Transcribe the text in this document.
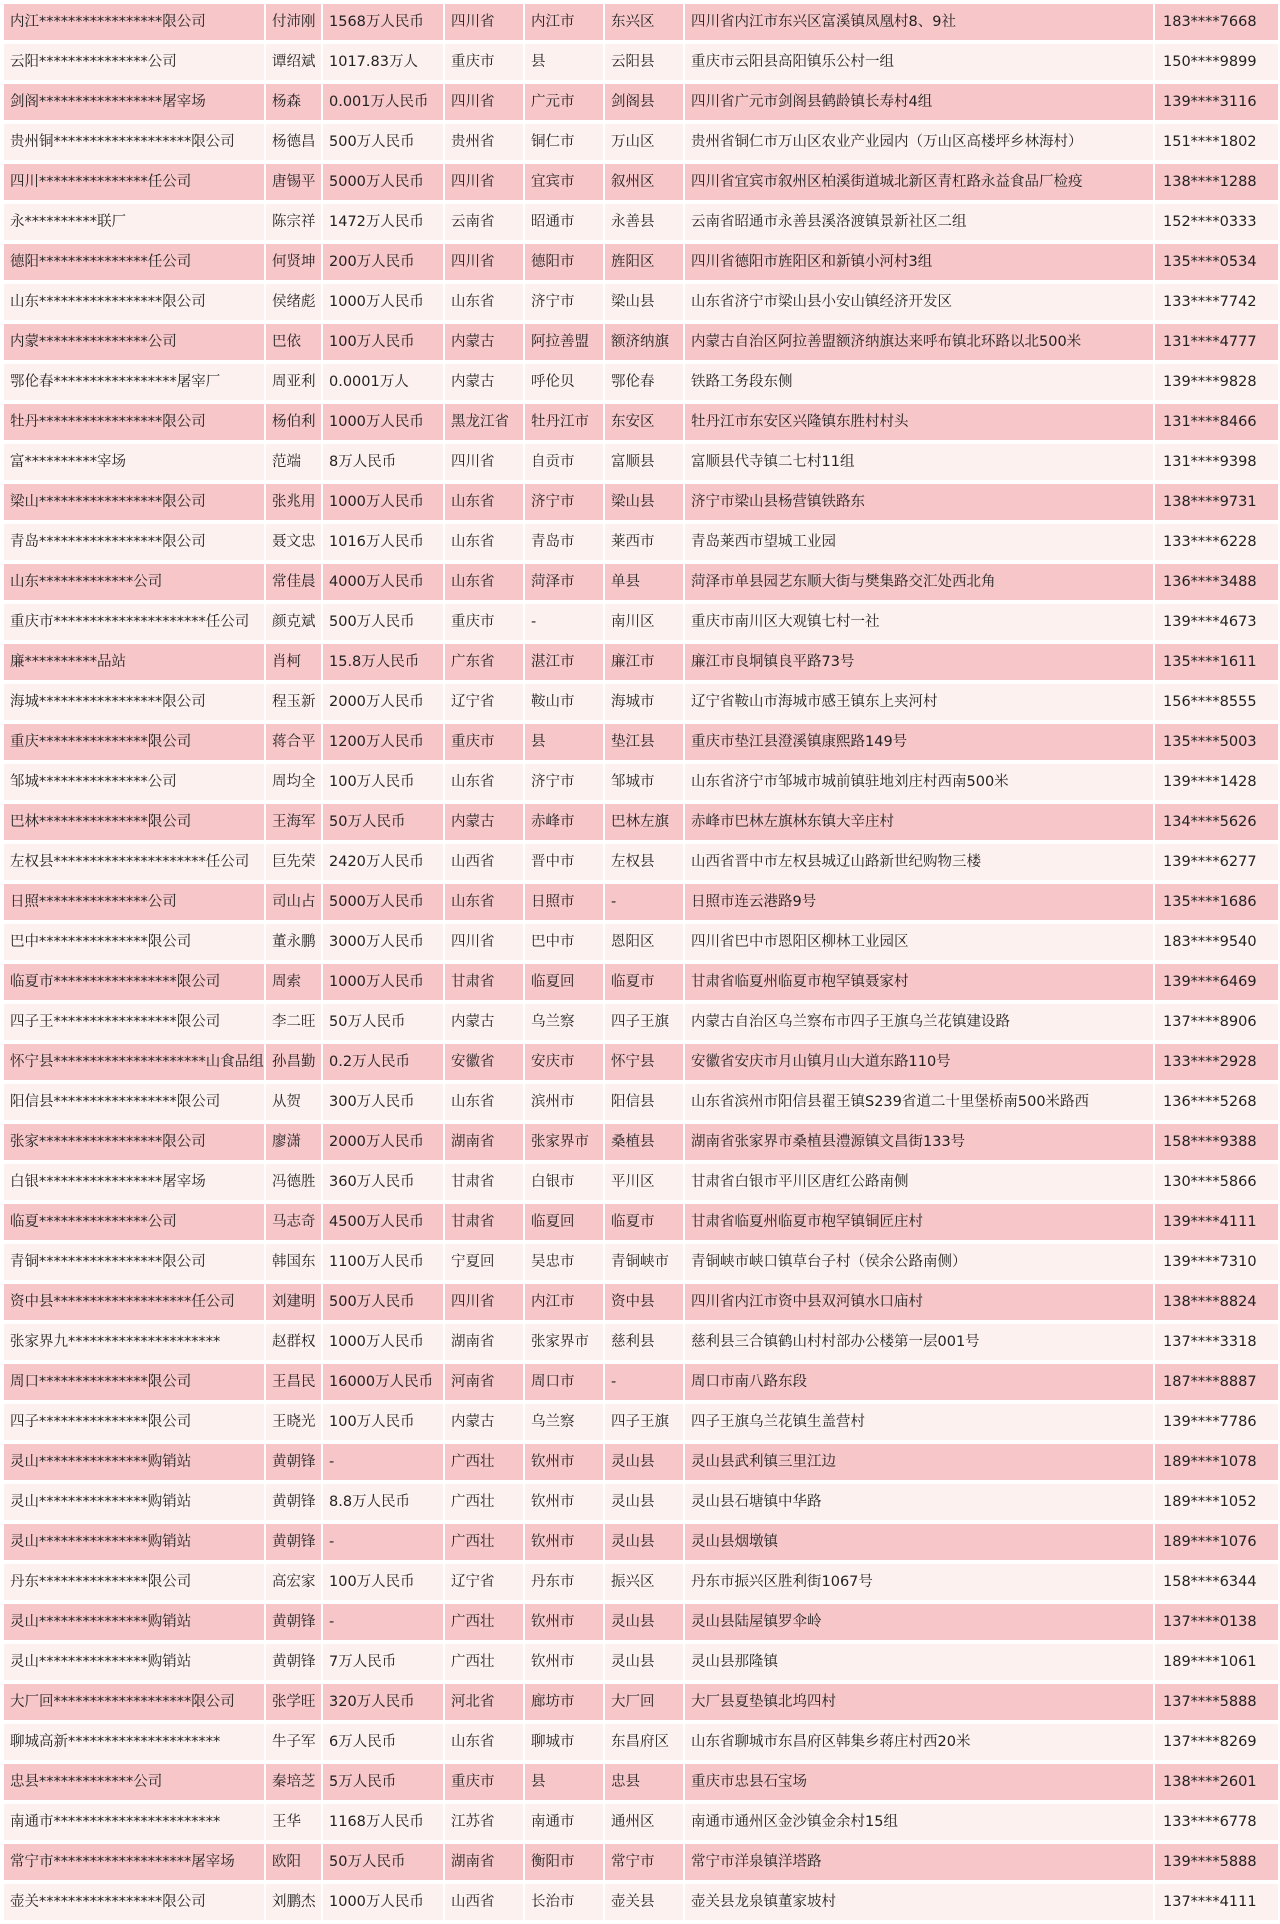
内江*****************限公司	付沛刚	1568万人民币	四川省	内江市	东兴区	四川省内江市东兴区富溪镇凤凰村8、9社	183****7668
云阳***************公司	谭绍斌	1017.83万人	重庆市	县	云阳县	重庆市云阳县高阳镇乐公村一组	150****9899
剑阁*****************屠宰场	杨森	0.001万人民币	四川省	广元市	剑阁县	四川省广元市剑阁县鹤龄镇长寿村4组	139****3116
贵州铜*******************限公司	杨德昌	500万人民币	贵州省	铜仁市	万山区	贵州省铜仁市万山区农业产业园内（万山区高楼坪乡林海村）	151****1802
四川***************任公司	唐锡平	5000万人民币	四川省	宜宾市	叙州区	四川省宜宾市叙州区柏溪街道城北新区青杠路永益食品厂检疫	138****1288
永**********联厂	陈宗祥	1472万人民币	云南省	昭通市	永善县	云南省昭通市永善县溪洛渡镇景新社区二组	152****0333
德阳***************任公司	何贤坤	200万人民币	四川省	德阳市	旌阳区	四川省德阳市旌阳区和新镇小河村3组	135****0534
山东*****************限公司	侯绪彪	1000万人民币	山东省	济宁市	梁山县	山东省济宁市梁山县小安山镇经济开发区	133****7742
内蒙***************公司	巴依	100万人民币	内蒙古	阿拉善盟	额济纳旗	内蒙古自治区阿拉善盟额济纳旗达来呼布镇北环路以北500米	131****4777
鄂伦春*****************屠宰厂	周亚利	0.0001万人	内蒙古	呼伦贝	鄂伦春	铁路工务段东侧	139****9828
牡丹*****************限公司	杨伯利	1000万人民币	黑龙江省	牡丹江市	东安区	牡丹江市东安区兴隆镇东胜村村头	131****8466
富**********宰场	范端	8万人民币	四川省	自贡市	富顺县	富顺县代寺镇二七村11组	131****9398
梁山*****************限公司	张兆用	1000万人民币	山东省	济宁市	梁山县	济宁市梁山县杨营镇铁路东	138****9731
青岛*****************限公司	聂文忠	1016万人民币	山东省	青岛市	莱西市	青岛莱西市望城工业园	133****6228
山东*************公司	常佳晨	4000万人民币	山东省	菏泽市	单县	菏泽市单县园艺东顺大街与樊集路交汇处西北角	136****3488
重庆市*********************任公司	颜克斌	500万人民币	重庆市	-	南川区	重庆市南川区大观镇七村一社	139****4673
廉**********品站	肖柯	15.8万人民币	广东省	湛江市	廉江市	廉江市良垌镇良平路73号	135****1611
海城*****************限公司	程玉新	2000万人民币	辽宁省	鞍山市	海城市	辽宁省鞍山市海城市感王镇东上夹河村	156****8555
重庆***************限公司	蒋合平	1200万人民币	重庆市	县	垫江县	重庆市垫江县澄溪镇康熙路149号	135****5003
邹城***************公司	周均全	100万人民币	山东省	济宁市	邹城市	山东省济宁市邹城市城前镇驻地刘庄村西南500米	139****1428
巴林***************限公司	王海军	50万人民币	内蒙古	赤峰市	巴林左旗	赤峰市巴林左旗林东镇大辛庄村	134****5626
左权县*********************任公司	巨先荣	2420万人民币	山西省	晋中市	左权县	山西省晋中市左权县城辽山路新世纪购物三楼	139****6277
日照***************公司	司山占	5000万人民币	山东省	日照市	-	日照市连云港路9号	135****1686
巴中***************限公司	董永鹏	3000万人民币	四川省	巴中市	恩阳区	四川省巴中市恩阳区柳林工业园区	183****9540
临夏市*****************限公司	周索	1000万人民币	甘肃省	临夏回	临夏市	甘肃省临夏州临夏市枹罕镇聂家村	139****6469
四子王*****************限公司	李二旺	50万人民币	内蒙古	乌兰察	四子王旗	内蒙古自治区乌兰察布市四子王旗乌兰花镇建设路	137****8906
怀宁县*********************山食品组	孙昌勤	0.2万人民币	安徽省	安庆市	怀宁县	安徽省安庆市月山镇月山大道东路110号	133****2928
阳信县*****************限公司	从贺	300万人民币	山东省	滨州市	阳信县	山东省滨州市阳信县翟王镇S239省道二十里堡桥南500米路西	136****5268
张家*****************限公司	廖潇	2000万人民币	湖南省	张家界市	桑植县	湖南省张家界市桑植县澧源镇文昌街133号	158****9388
白银*****************屠宰场	冯德胜	360万人民币	甘肃省	白银市	平川区	甘肃省白银市平川区唐红公路南侧	130****5866
临夏***************公司	马志奇	4500万人民币	甘肃省	临夏回	临夏市	甘肃省临夏州临夏市枹罕镇铜匠庄村	139****4111
青铜*****************限公司	韩国东	1100万人民币	宁夏回	吴忠市	青铜峡市	青铜峡市峡口镇草台子村（侯余公路南侧）	139****7310
资中县*******************任公司	刘建明	500万人民币	四川省	内江市	资中县	四川省内江市资中县双河镇水口庙村	138****8824
张家界九*********************	赵群权	1000万人民币	湖南省	张家界市	慈利县	慈利县三合镇鹤山村村部办公楼第一层001号	137****3318
周口***************限公司	王昌民	16000万人民币	河南省	周口市	-	周口市南八路东段	187****8887
四子***************限公司	王晓光	100万人民币	内蒙古	乌兰察	四子王旗	四子王旗乌兰花镇生盖营村	139****7786
灵山***************购销站	黄朝锋	-	广西壮	钦州市	灵山县	灵山县武利镇三里江边	189****1078
灵山***************购销站	黄朝锋	8.8万人民币	广西壮	钦州市	灵山县	灵山县石塘镇中华路	189****1052
灵山***************购销站	黄朝锋	-	广西壮	钦州市	灵山县	灵山县烟墩镇	189****1076
丹东***************限公司	高宏家	100万人民币	辽宁省	丹东市	振兴区	丹东市振兴区胜利街1067号	158****6344
灵山***************购销站	黄朝锋	-	广西壮	钦州市	灵山县	灵山县陆屋镇罗伞岭	137****0138
灵山***************购销站	黄朝锋	7万人民币	广西壮	钦州市	灵山县	灵山县那隆镇	189****1061
大厂回*******************限公司	张学旺	320万人民币	河北省	廊坊市	大厂回	大厂县夏垫镇北坞四村	137****5888
聊城高新*********************	牛子军	6万人民币	山东省	聊城市	东昌府区	山东省聊城市东昌府区韩集乡蒋庄村西20米	137****8269
忠县*************公司	秦培芝	5万人民币	重庆市	县	忠县	重庆市忠县石宝场	138****2601
南通市***********************	王华	1168万人民币	江苏省	南通市	通州区	南通市通州区金沙镇金余村15组	133****6778
常宁市*******************屠宰场	欧阳	50万人民币	湖南省	衡阳市	常宁市	常宁市洋泉镇洋塔路	139****5888
壶关*****************限公司	刘鹏杰	1000万人民币	山西省	长治市	壶关县	壶关县龙泉镇董家坡村	137****4111
